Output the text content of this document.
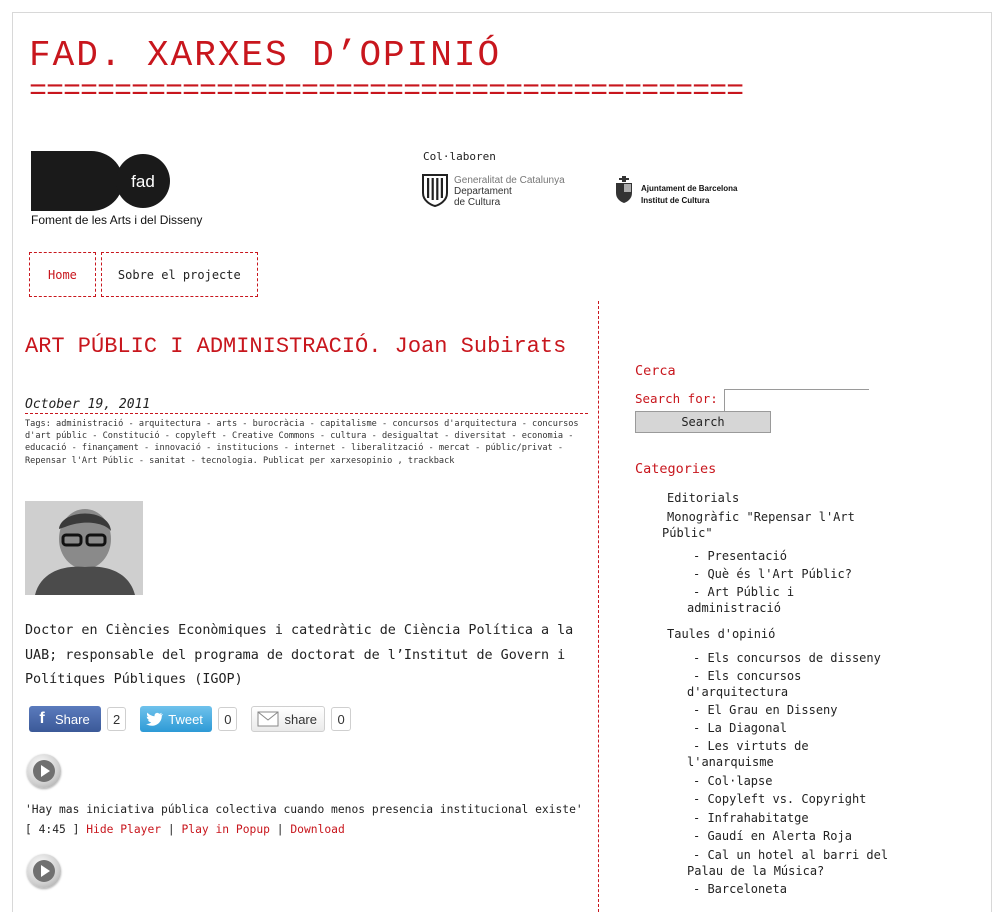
FAD. XARXES D’OPINIÓ
==========================================
fad
Foment de les Arts i del Disseny
Col·laboren
Generalitat de Catalunya
Departament
de Cultura
Ajuntament de Barcelona
Institut de Cultura
Home	Sobre el projecte
ART PÚBLIC I ADMINISTRACIÓ. Joan Subirats
October 19, 2011
Tags: administració - arquitectura - arts - burocràcia - capitalisme - concursos d'arquitectura - concursos d'art públic - Constitució - copyleft - Creative Commons - cultura - desigualtat - diversitat - economia - educació - finançament - innovació - institucions - internet - liberalització - mercat - públic/privat - Repensar l'Art Públic - sanitat - tecnologia. Publicat per xarxesopinio , trackback
Doctor en Ciències Econòmiques i catedràtic de Ciència Política a la UAB; responsable del programa de doctorat de l’Institut de Govern i Polítiques Públiques (IGOP)
f Share	2	Tweet	0	share	0
'Hay mas iniciativa pública colectiva cuando menos presencia institucional existe' [ 4:45 ] Hide Player | Play in Popup | Download
Cerca
Search for:
Search
Categories
Editorials
Monogràfic "Repensar l'Art
Públic"
- Presentació
- Què és l'Art Públic?
- Art Públic i
administració
Taules d'opinió
- Els concursos de disseny
- Els concursos
d'arquitectura
- El Grau en Disseny
- La Diagonal
- Les virtuts de
l'anarquisme
- Col·lapse
- Copyleft vs. Copyright
- Infrahabitatge
- Gaudí en Alerta Roja
- Cal un hotel al barri del
Palau de la Música?
- Barceloneta
